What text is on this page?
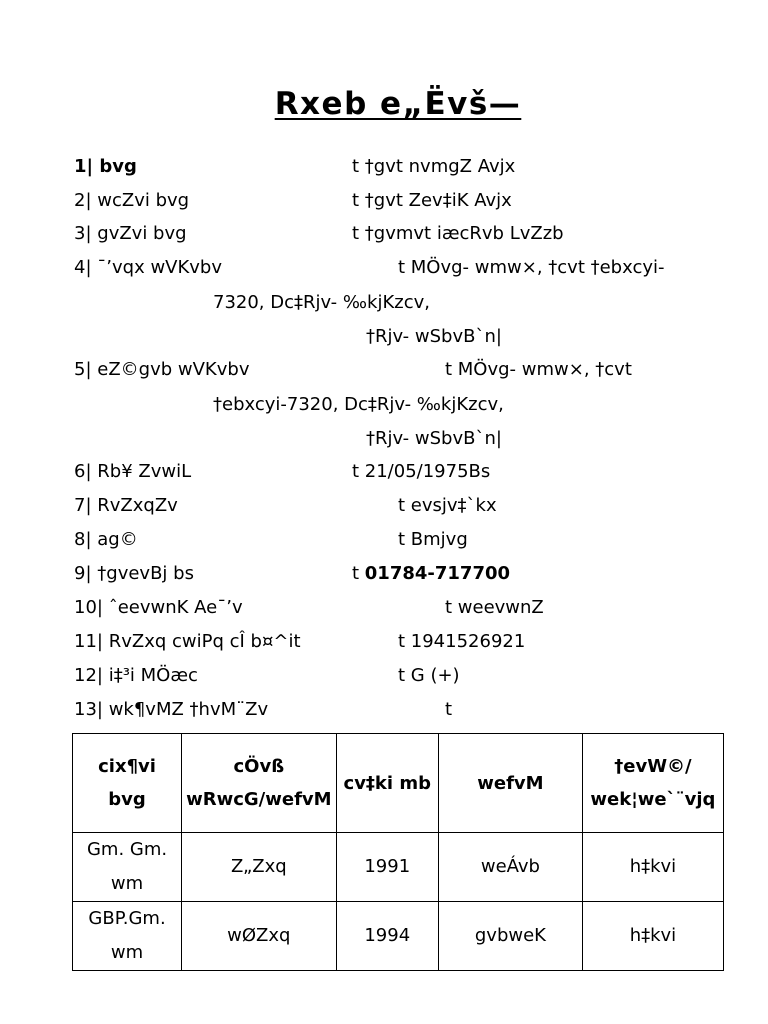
Rxeb e„Ëvš—
1| bvg	t †gvt nvmgZ Avjx
2| wcZvi bvg	t †gvt Zev‡iK Avjx
3| gvZvi bvg	t †gvmvt iæcRvb LvZzb
4| ¯’vqx wVKvbv	t MÖvg- wmw×, †cvt †ebxcyi-
7320, Dc‡Rjv- ‰kjKzcv,
†Rjv- wSbvB`n|
5| eZ©gvb wVKvbv	t MÖvg- wmw×, †cvt
†ebxcyi-7320, Dc‡Rjv- ‰kjKzcv,
†Rjv- wSbvB`n|
6| Rb¥ ZvwiL	t 21/05/1975Bs
7| RvZxqZv	t evsjv‡`kx
8| ag©	t Bmjvg
9| †gvevBj bs	t 01784-717700
10| ˆeevwnK Ae¯’v	t weevwnZ
11| RvZxq cwiPq cÎ b¤^it	t 1941526921
12| i‡³i MÖæc	t G (+)
13| wk¶vMZ †hvM¨Zv	t
cix¶vi bvg	cÖvß wRwcG/wefvM	cv‡ki mb	wefvM	†evW©/ wek¦we`¨vjq
Gm. Gm. wm	Z„Zxq	1991	weÁvb	h‡kvi
GBP.Gm. wm	wØZxq	1994	gvbweK	h‡kvi
